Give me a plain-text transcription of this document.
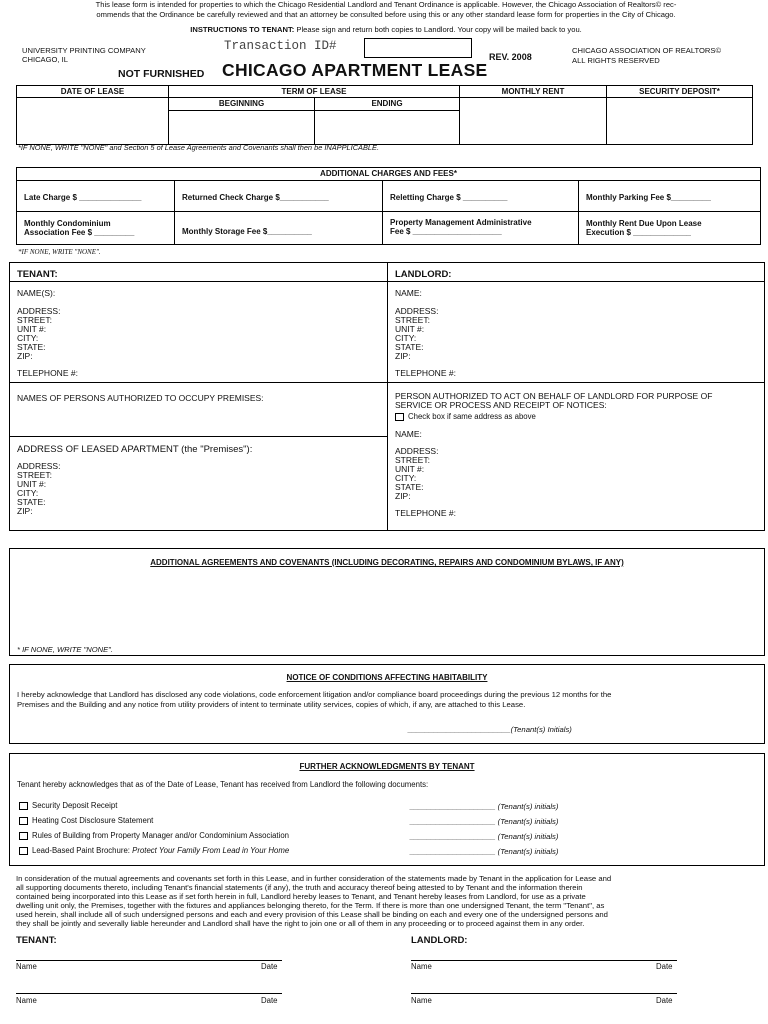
This lease form is intended for properties to which the Chicago Residential Landlord and Tenant Ordinance is applicable. However, the Chicago Association of Realtors© rec-
ommends that the Ordinance be carefully reviewed and that an attorney be consulted before using this or any other standard lease form for properties in the City of Chicago.
INSTRUCTIONS TO TENANT: Please sign and return both copies to Landlord. Your copy will be mailed back to you.
UNIVERSITY PRINTING COMPANY
CHICAGO, IL
Transaction ID#
REV. 2008
CHICAGO ASSOCIATION OF REALTORS©
ALL RIGHTS RESERVED
NOT FURNISHED CHICAGO APARTMENT LEASE
DATE OF LEASE	TERM OF LEASE	MONTHLY RENT	SECURITY DEPOSIT*
BEGINNING	ENDING
*IF NONE, WRITE "NONE" and Section 5 of Lease Agreements and Covenants shall then be INAPPLICABLE.
ADDITIONAL CHARGES AND FEES*
Late Charge $ ______________	Returned Check Charge $___________	Reletting Charge $ __________	Monthly Parking Fee $_________
Monthly Condominium
Association Fee $ _________	Monthly Storage Fee $__________
Property Management Administrative
Fee $ ____________________
Monthly Rent Due Upon Lease
Execution $ _____________
*IF NONE, WRITE "NONE".
TENANT:	LANDLORD:
NAME(S):
ADDRESS:
STREET:
UNIT #:
CITY:
STATE:
ZIP:
TELEPHONE #:
NAME:
ADDRESS:
STREET:
UNIT #:
CITY:
STATE:
ZIP:
TELEPHONE #:
NAMES OF PERSONS AUTHORIZED TO OCCUPY PREMISES:	PERSON AUTHORIZED TO ACT ON BEHALF OF LANDLORD FOR PURPOSE OF
SERVICE OR PROCESS AND RECEIPT OF NOTICES:
Check box if same address as above
NAME:
ADDRESS:
STREET:
UNIT #:
CITY:
STATE:
ZIP:
TELEPHONE #:
ADDRESS OF LEASED APARTMENT (the "Premises"):
ADDRESS:
STREET:
UNIT #:
CITY:
STATE:
ZIP:
ADDITIONAL AGREEMENTS AND COVENANTS (INCLUDING DECORATING, REPAIRS AND CONDOMINIUM BYLAWS, IF ANY)
* IF NONE, WRITE "NONE".
NOTICE OF CONDITIONS AFFECTING HABITABILITY
I hereby acknowledge that Landlord has disclosed any code violations, code enforcement litigation and/or compliance board proceedings during the previous 12 months for the
Premises and the Building and any notice from utility providers of intent to terminate utility services, copies of which, if any, are attached to this Lease.
________________________(Tenant(s) Initials)
FURTHER ACKNOWLEDGMENTS BY TENANT
Tenant hereby acknowledges that as of the Date of Lease, Tenant has received from Landlord the following documents:
Security Deposit Receipt	____________________ (Tenant(s) initials)
Heating Cost Disclosure Statement	____________________ (Tenant(s) initials)
Rules of Building from Property Manager and/or Condominium Association	____________________ (Tenant(s) initials)
Lead-Based Paint Brochure: Protect Your Family From Lead in Your Home	____________________ (Tenant(s) initials)
In consideration of the mutual agreements and covenants set forth in this Lease, and in further consideration of the statements made by Tenant in the application for Lease and
all supporting documents thereto, including Tenant's financial statements (if any), the truth and accuracy thereof being attested to by Tenant and the information therein
contained being incorporated into this Lease as if set forth herein in full, Landlord hereby leases to Tenant, and Tenant hereby leases from Landlord, for use as a private
dwelling unit only, the Premises, together with the fixtures and appliances belonging thereto, for the Term. If there is more than one undersigned Tenant, the term "Tenant", as
used herein, shall include all of such undersigned persons and each and every provision of this Lease shall be binding on each and every one of the undersigned persons and
they shall be jointly and severally liable hereunder and Landlord shall have the right to join one or all of them in any proceeding or to proceed against them in any order.
TENANT:	LANDLORD:
Name	Date	Name	Date
Name	Date	Name	Date
